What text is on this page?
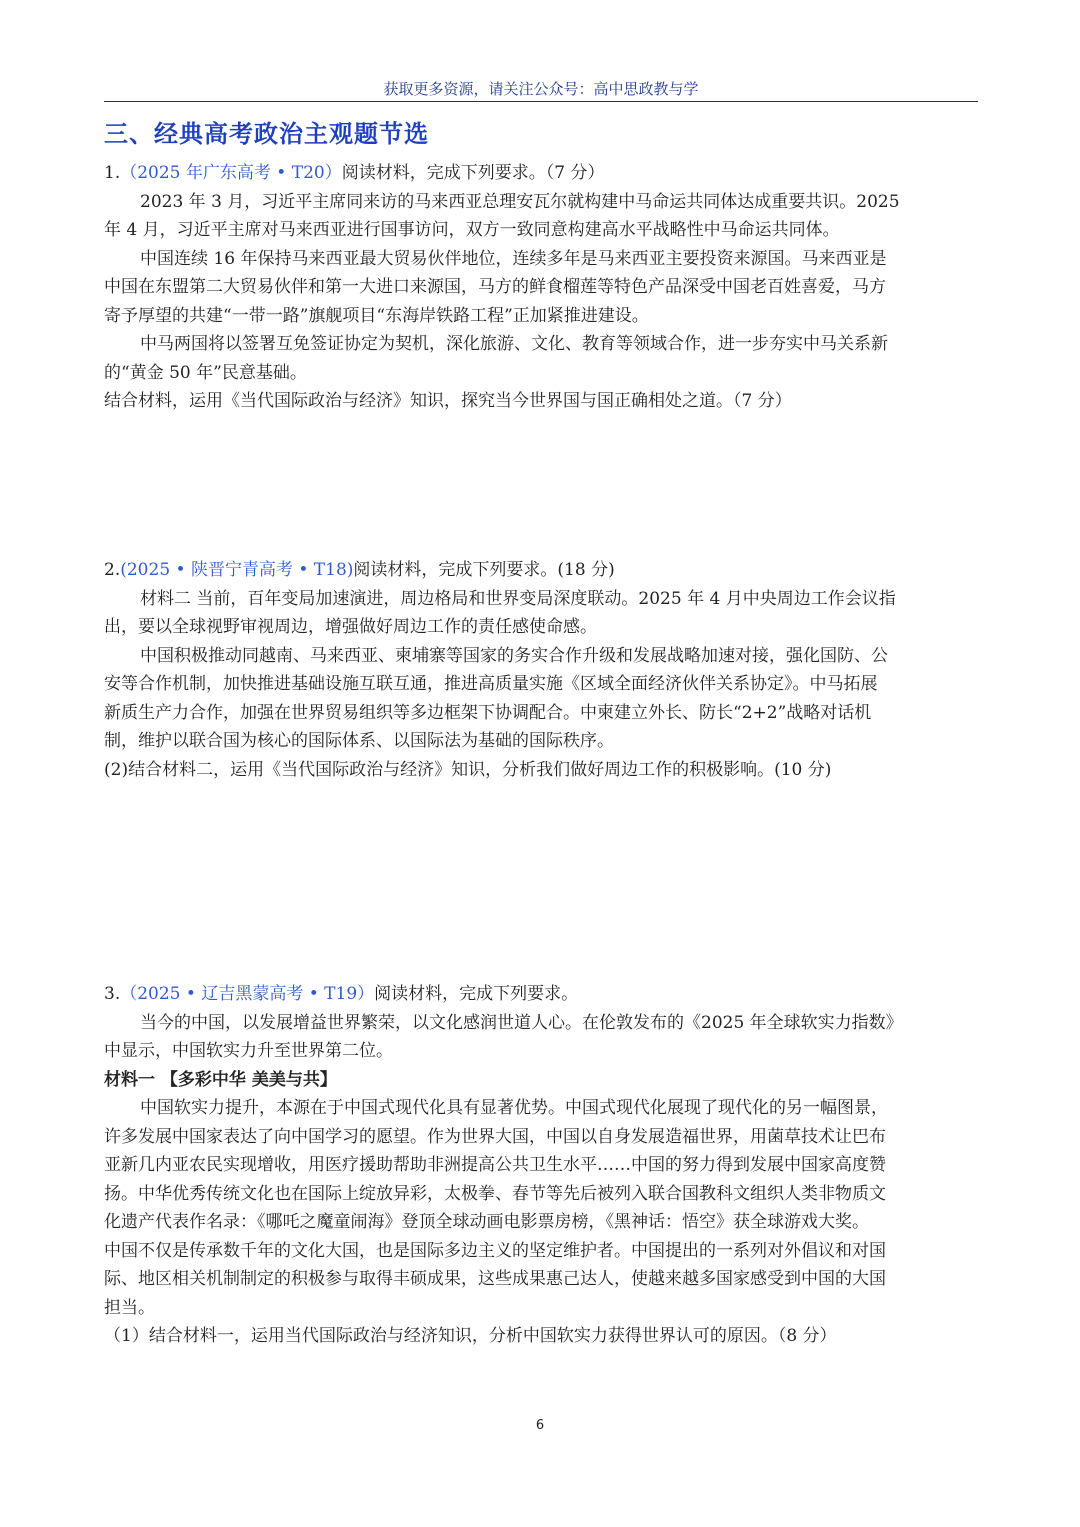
获取更多资源，请关注公众号：高中思政教与学
三、经典高考政治主观题节选
1.（2025 年广东高考 • T20）阅读材料，完成下列要求。（7 分）
2023 年 3 月，习近平主席同来访的马来西亚总理安瓦尔就构建中马命运共同体达成重要共识。2025
年 4 月，习近平主席对马来西亚进行国事访问，双方一致同意构建高水平战略性中马命运共同体。
中国连续 16 年保持马来西亚最大贸易伙伴地位，连续多年是马来西亚主要投资来源国。马来西亚是
中国在东盟第二大贸易伙伴和第一大进口来源国，马方的鲜食榴莲等特色产品深受中国老百姓喜爱，马方
寄予厚望的共建“一带一路”旗舰项目“东海岸铁路工程”正加紧推进建设。
中马两国将以签署互免签证协定为契机，深化旅游、文化、教育等领域合作，进一步夯实中马关系新
的“黄金 50 年”民意基础。
结合材料，运用《当代国际政治与经济》知识，探究当今世界国与国正确相处之道。（7 分）
2.(2025 • 陕晋宁青高考 • T18)阅读材料，完成下列要求。(18 分)
材料二 当前，百年变局加速演进，周边格局和世界变局深度联动。2025 年 4 月中央周边工作会议指
出，要以全球视野审视周边，增强做好周边工作的责任感使命感。
中国积极推动同越南、马来西亚、柬埔寨等国家的务实合作升级和发展战略加速对接，强化国防、公
安等合作机制，加快推进基础设施互联互通，推进高质量实施《区域全面经济伙伴关系协定》。中马拓展
新质生产力合作，加强在世界贸易组织等多边框架下协调配合。中柬建立外长、防长“2+2”战略对话机
制，维护以联合国为核心的国际体系、以国际法为基础的国际秩序。
(2)结合材料二，运用《当代国际政治与经济》知识，分析我们做好周边工作的积极影响。(10 分)
3.（2025 • 辽吉黑蒙高考 • T19）阅读材料，完成下列要求。
当今的中国，以发展增益世界繁荣，以文化感润世道人心。在伦敦发布的《2025 年全球软实力指数》
中显示，中国软实力升至世界第二位。
材料一 【多彩中华 美美与共】
中国软实力提升，本源在于中国式现代化具有显著优势。中国式现代化展现了现代化的另一幅图景，
许多发展中国家表达了向中国学习的愿望。作为世界大国，中国以自身发展造福世界，用菌草技术让巴布
亚新几内亚农民实现增收，用医疗援助帮助非洲提高公共卫生水平……中国的努力得到发展中国家高度赞
扬。中华优秀传统文化也在国际上绽放异彩，太极拳、春节等先后被列入联合国教科文组织人类非物质文
化遗产代表作名录：《哪吒之魔童闹海》登顶全球动画电影票房榜，《黑神话：悟空》获全球游戏大奖。
中国不仅是传承数千年的文化大国，也是国际多边主义的坚定维护者。中国提出的一系列对外倡议和对国
际、地区相关机制制定的积极参与取得丰硕成果，这些成果惠己达人，使越来越多国家感受到中国的大国
担当。
（1）结合材料一，运用当代国际政治与经济知识，分析中国软实力获得世界认可的原因。（8 分）
6
